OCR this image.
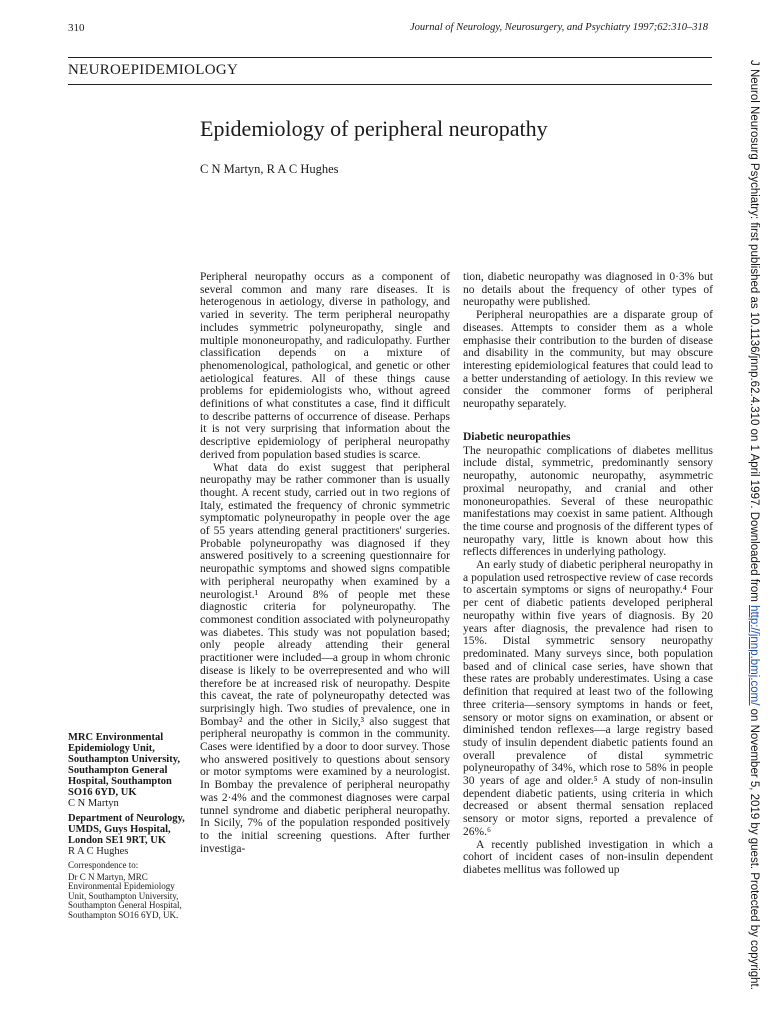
310	Journal of Neurology, Neurosurgery, and Psychiatry 1997;62:310–318
NEUROEPIDEMIOLOGY
Epidemiology of peripheral neuropathy
C N Martyn, R A C Hughes

Peripheral neuropathy occurs as a component of several common and many rare diseases. It is heterogenous in aetiology, diverse in pathology, and varied in severity. The term peripheral neuropathy includes symmetric polyneuropathy, single and multiple mononeuropathy, and radiculopathy. Further classification depends on a mixture of phenomenological, pathological, and genetic or other aetiological features. All of these things cause problems for epidemiologists who, without agreed definitions of what constitutes a case, find it difficult to describe patterns of occurrence of disease. Perhaps it is not very surprising that information about the descriptive epidemiology of peripheral neuropathy derived from population based studies is scarce.

What data do exist suggest that peripheral neuropathy may be rather commoner than is usually thought. A recent study, carried out in two regions of Italy, estimated the frequency of chronic symmetric symptomatic polyneuropathy in people over the age of 55 years attending general practitioners' surgeries. Probable polyneuropathy was diagnosed if they answered positively to a screening questionnaire for neuropathic symptoms and showed signs compatible with peripheral neuropathy when examined by a neurologist.¹ Around 8% of people met these diagnostic criteria for polyneuropathy. The commonest condition associated with polyneuropathy was diabetes. This study was not population based; only people already attending their general practitioner were included—a group in whom chronic disease is likely to be overrepresented and who will therefore be at increased risk of neuropathy. Despite this caveat, the rate of polyneuropathy detected was surprisingly high. Two studies of prevalence, one in Bombay² and the other in Sicily,³ also suggest that peripheral neuropathy is common in the community. Cases were identified by a door to door survey. Those who answered positively to questions about sensory or motor symptoms were examined by a neurologist. In Bombay the prevalence of peripheral neuropathy was 2·4% and the commonest diagnoses were carpal tunnel syndrome and diabetic peripheral neuropathy. In Sicily, 7% of the population responded positively to the initial screening questions. After further investiga-

tion, diabetic neuropathy was diagnosed in 0·3% but no details about the frequency of other types of neuropathy were published.

Peripheral neuropathies are a disparate group of diseases. Attempts to consider them as a whole emphasise their contribution to the burden of disease and disability in the community, but may obscure interesting epidemiological features that could lead to a better understanding of aetiology. In this review we consider the commoner forms of peripheral neuropathy separately.

Diabetic neuropathies

The neuropathic complications of diabetes mellitus include distal, symmetric, predominantly sensory neuropathy, autonomic neuropathy, asymmetric proximal neuropathy, and cranial and other mononeuropathies. Several of these neuropathic manifestations may coexist in same patient. Although the time course and prognosis of the different types of neuropathy vary, little is known about how this reflects differences in underlying pathology.

An early study of diabetic peripheral neuropathy in a population used retrospective review of case records to ascertain symptoms or signs of neuropathy.⁴ Four per cent of diabetic patients developed peripheral neuropathy within five years of diagnosis. By 20 years after diagnosis, the prevalence had risen to 15%. Distal symmetric sensory neuropathy predominated. Many surveys since, both population based and of clinical case series, have shown that these rates are probably underestimates. Using a case definition that required at least two of the following three criteria—sensory symptoms in hands or feet, sensory or motor signs on examination, or absent or diminished tendon reflexes—a large registry based study of insulin dependent diabetic patients found an overall prevalence of distal symmetric polyneuropathy of 34%, which rose to 58% in people 30 years of age and older.⁵ A study of non-insulin dependent diabetic patients, using criteria in which decreased or absent thermal sensation replaced sensory or motor signs, reported a prevalence of 26%.⁶

A recently published investigation in which a cohort of incident cases of non-insulin dependent diabetes mellitus was followed up

MRC Environmental Epidemiology Unit, Southampton University, Southampton General Hospital, Southampton SO16 6YD, UK
C N Martyn
Department of Neurology, UMDS, Guys Hospital, London SE1 9RT, UK
R A C Hughes
Correspondence to:
Dr C N Martyn, MRC Environmental Epidemiology Unit, Southampton University, Southampton General Hospital, Southampton SO16 6YD, UK.
J Neurol Neurosurg Psychiatry: first published as 10.1136/jnnp.62.4.310 on 1 April 1997. Downloaded from http://jnnp.bmj.com/ on November 5, 2019 by guest. Protected by copyright.
